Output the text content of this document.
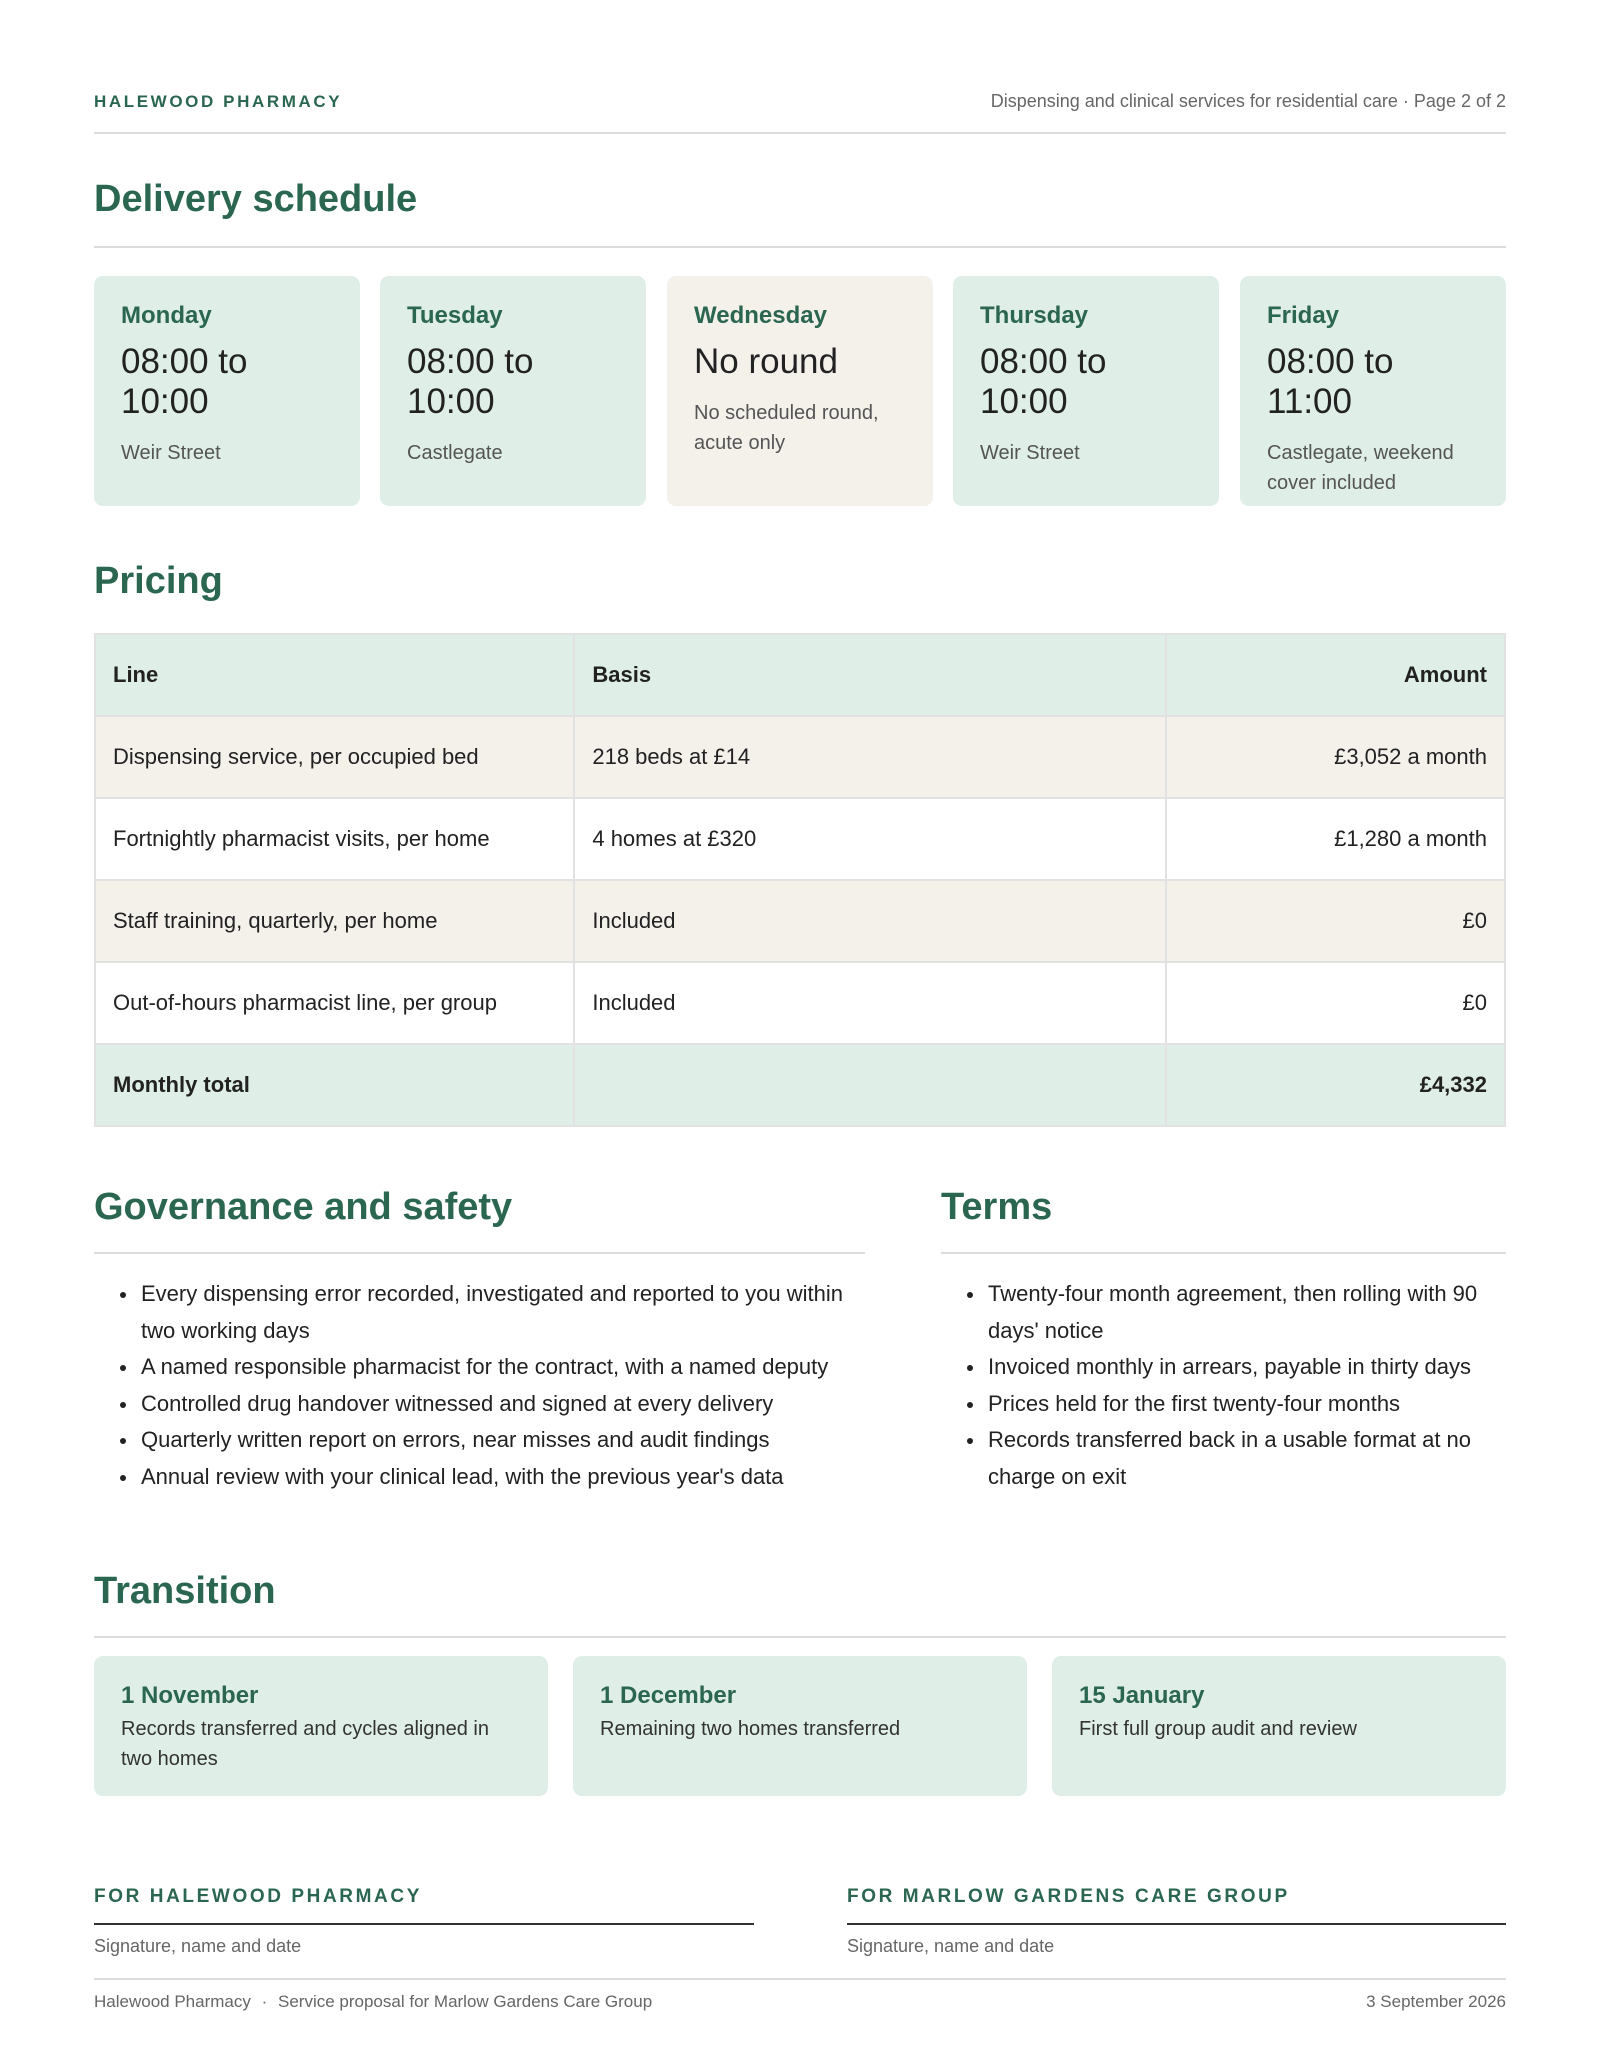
HALEWOOD PHARMACY	Dispensing and clinical services for residential care · Page 2 of 2
Delivery schedule
Monday
08:00 to 10:00
Weir Street
Tuesday
08:00 to 10:00
Castlegate
Wednesday
No round
No scheduled round, acute only
Thursday
08:00 to 10:00
Weir Street
Friday
08:00 to 11:00
Castlegate, weekend cover included
Pricing
Line	Basis	Amount
Dispensing service, per occupied bed	218 beds at £14	£3,052 a month
Fortnightly pharmacist visits, per home	4 homes at £320	£1,280 a month
Staff training, quarterly, per home	Included	£0
Out-of-hours pharmacist line, per group	Included	£0
Monthly total		£4,332
Governance and safety
Every dispensing error recorded, investigated and reported to you within two working days
A named responsible pharmacist for the contract, with a named deputy
Controlled drug handover witnessed and signed at every delivery
Quarterly written report on errors, near misses and audit findings
Annual review with your clinical lead, with the previous year's data
Terms
Twenty-four month agreement, then rolling with 90 days' notice
Invoiced monthly in arrears, payable in thirty days
Prices held for the first twenty-four months
Records transferred back in a usable format at no charge on exit
Transition
1 November
Records transferred and cycles aligned in two homes
1 December
Remaining two homes transferred
15 January
First full group audit and review
FOR HALEWOOD PHARMACY
Signature, name and date
FOR MARLOW GARDENS CARE GROUP
Signature, name and date
Halewood Pharmacy · Service proposal for Marlow Gardens Care Group	3 September 2026
